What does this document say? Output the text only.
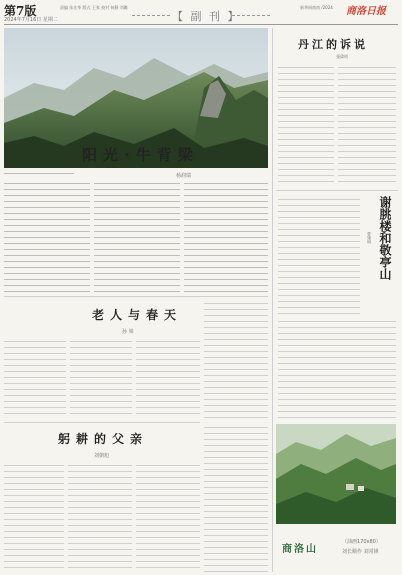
第7版
2024年7月16日 星期二
责编 朱先华 版式 王张 校对 何静 刘璐
【 副 刊 】
新华网商南 /2024 商洛日报
阳光·牛背梁
杨润瑞
老人与春天
孙 梁
躬耕的父亲
刘朝旭
丹江的诉说
張偉明
谢朓楼和敬亭山
曹建明
商洛山
（油画170x80）
刘长顺作 刘常锋
